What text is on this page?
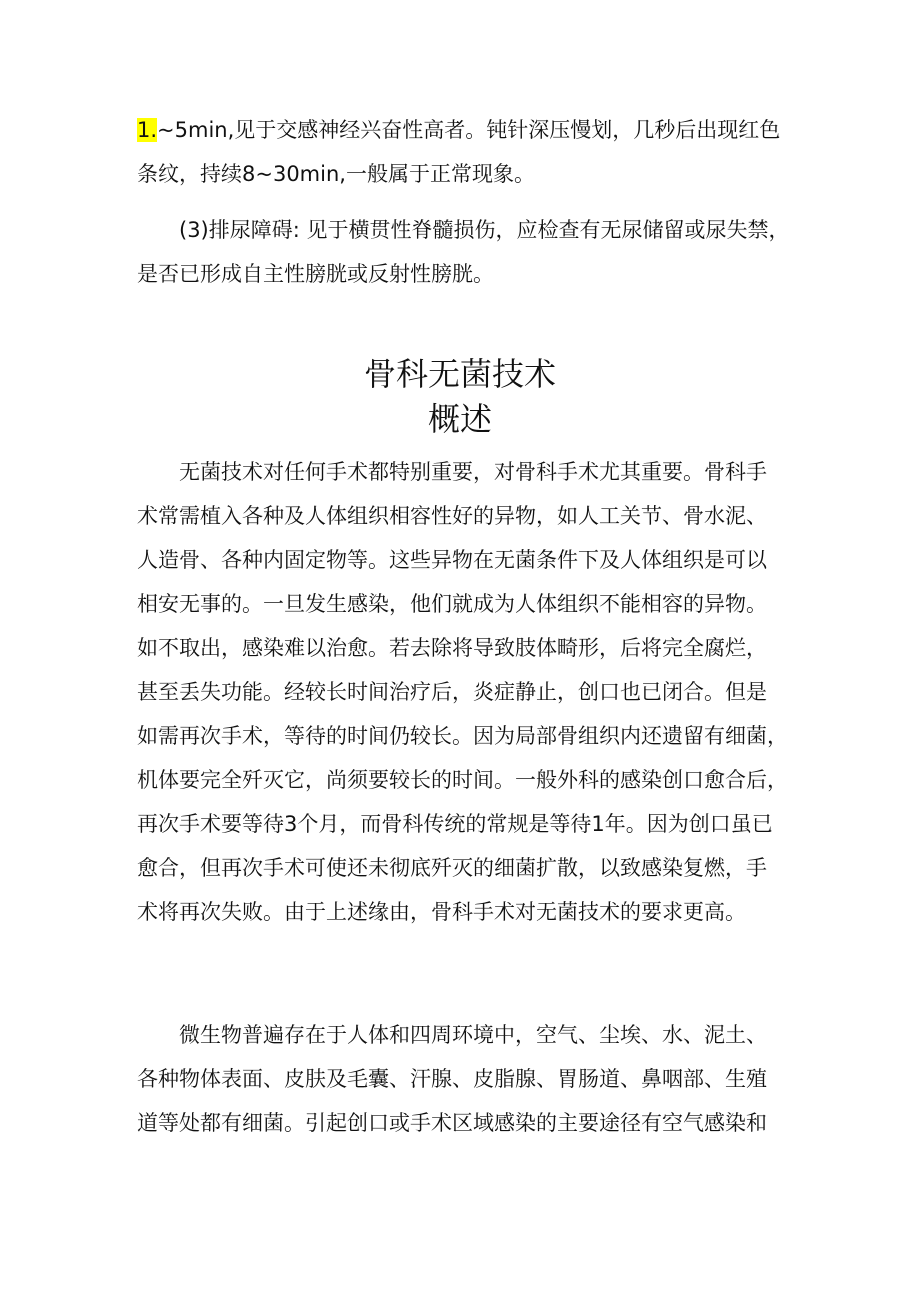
1.~5min,见于交感神经兴奋性高者。钝针深压慢划，几秒后出现红色
条纹，持续8~30min,一般属于正常现象。
(3)排尿障碍: 见于横贯性脊髓损伤，应检查有无尿储留或尿失禁，
是否已形成自主性膀胱或反射性膀胱。
骨科无菌技术
概述
无菌技术对任何手术都特别重要，对骨科手术尤其重要。骨科手
术常需植入各种及人体组织相容性好的异物，如人工关节、骨水泥、
人造骨、各种内固定物等。这些异物在无菌条件下及人体组织是可以
相安无事的。一旦发生感染，他们就成为人体组织不能相容的异物。
如不取出，感染难以治愈。若去除将导致肢体畸形，后将完全腐烂，
甚至丢失功能。经较长时间治疗后，炎症静止，创口也已闭合。但是
如需再次手术，等待的时间仍较长。因为局部骨组织内还遗留有细菌，
机体要完全歼灭它，尚须要较长的时间。一般外科的感染创口愈合后，
再次手术要等待3个月，而骨科传统的常规是等待1年。因为创口虽已
愈合，但再次手术可使还未彻底歼灭的细菌扩散，以致感染复燃，手
术将再次失败。由于上述缘由，骨科手术对无菌技术的要求更高。
微生物普遍存在于人体和四周环境中，空气、尘埃、水、泥土、
各种物体表面、皮肤及毛囊、汗腺、皮脂腺、胃肠道、鼻咽部、生殖
道等处都有细菌。引起创口或手术区域感染的主要途径有空气感染和
